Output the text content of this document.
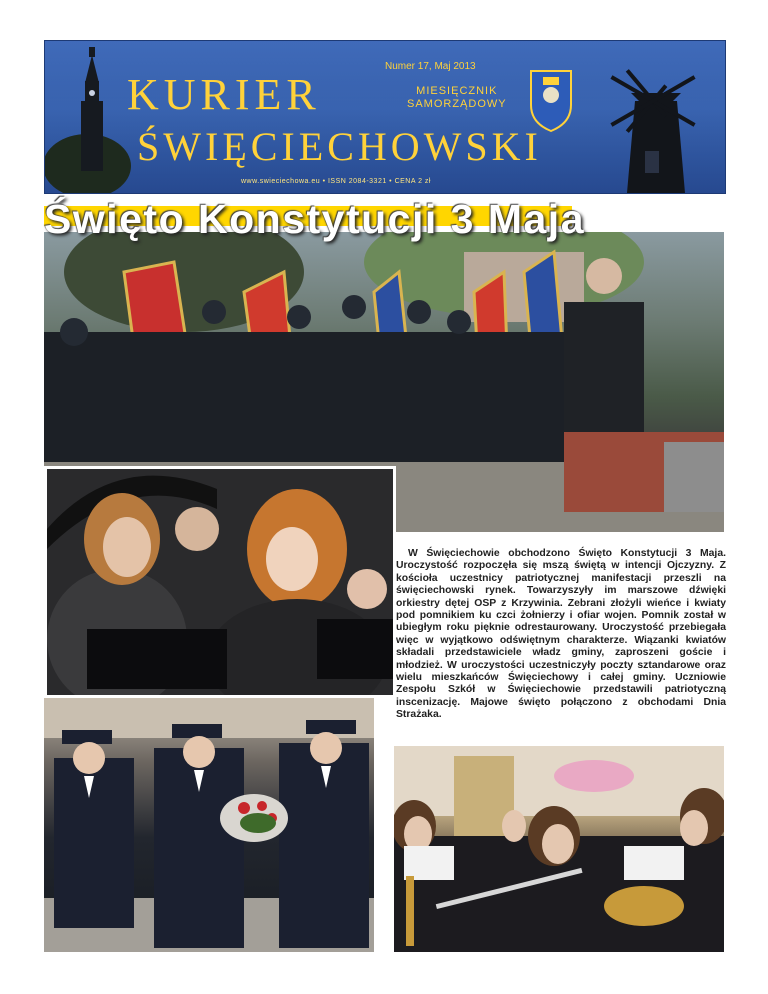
Numer 17, Maj 2013
KURIER
ŚWIĘCIECHOWSKI
MIESIĘCZNIK
SAMORZĄDOWY
www.swieciechowa.eu • ISSN 2084-3321 • CENA 2 zł
Święto Konstytucji 3 Maja

W Święciechowie obchodzono Święto Konstytucji 3 Maja. Uroczystość rozpoczęła się mszą świętą w intencji Ojczyzny. Z kościoła uczestnicy patriotycznej manifestacji przeszli na święciechowski rynek. Towarzyszyły im marszowe dźwięki orkiestry dętej OSP z Krzywinia. Zebrani złożyli wieńce i kwiaty pod pomnikiem ku czci żołnierzy i ofiar wojen. Pomnik został w ubiegłym roku pięknie odrestaurowany. Uroczystość przebiegała więc w wyjątkowo odświętnym charakterze. Wiązanki kwiatów składali przedstawiciele władz gminy, zaproszeni goście i młodzież. W uroczystości uczestniczyły poczty sztandarowe oraz wielu mieszkańców Święciechowy i całej gminy. Uczniowie Zespołu Szkół w Święciechowie przedstawili patriotyczną inscenizację. Majowe święto połączono z obchodami Dnia Strażaka.
